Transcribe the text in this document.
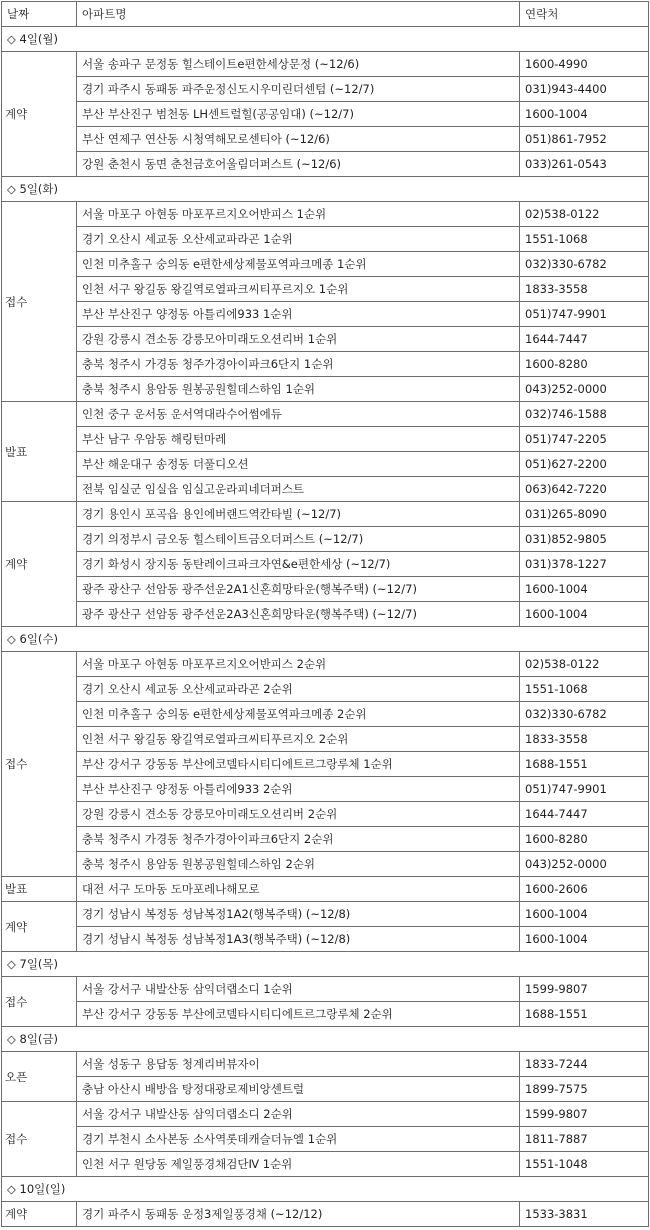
날짜	아파트명	연락처
◇ 4일(월)		
계약	서울 송파구 문정동 힐스테이트e편한세상문정 (~12/6)	1600-4990
	경기 파주시 동패동 파주운정신도시우미린더센텀 (~12/7)	031)943-4400
	부산 부산진구 범천동 LH센트럴힐(공공임대) (~12/7)	1600-1004
	부산 연제구 연산동 시청역해모로센티아 (~12/6)	051)861-7952
	강원 춘천시 동면 춘천금호어울림더퍼스트 (~12/6)	033)261-0543
◇ 5일(화)		
접수	서울 마포구 아현동 마포푸르지오어반피스 1순위	02)538-0122
	경기 오산시 세교동 오산세교파라곤 1순위	1551-1068
	인천 미추홀구 숭의동 e편한세상제물포역파크메종 1순위	032)330-6782
	인천 서구 왕길동 왕길역로열파크씨티푸르지오 1순위	1833-3558
	부산 부산진구 양정동 아틀리에933 1순위	051)747-9901
	강원 강릉시 견소동 강릉모아미래도오션리버 1순위	1644-7447
	충북 청주시 가경동 청주가경아이파크6단지 1순위	1600-8280
	충북 청주시 용암동 원봉공원힐데스하임 1순위	043)252-0000
발표	인천 중구 운서동 운서역대라수어썸에듀	032)746-1588
	부산 남구 우암동 해링턴마레	051)747-2205
	부산 해운대구 송정동 더풀디오션	051)627-2200
	전북 임실군 임실읍 임실고운라피네더퍼스트	063)642-7220
계약	경기 용인시 포곡읍 용인에버랜드역칸타빌 (~12/7)	031)265-8090
	경기 의정부시 금오동 힐스테이트금오더퍼스트 (~12/7)	031)852-9805
	경기 화성시 장지동 동탄레이크파크자연&e편한세상 (~12/7)	031)378-1227
	광주 광산구 선암동 광주선운2A1신혼희망타운(행복주택) (~12/7)	1600-1004
	광주 광산구 선암동 광주선운2A3신혼희망타운(행복주택) (~12/7)	1600-1004
◇ 6일(수)		
접수	서울 마포구 아현동 마포푸르지오어반피스 2순위	02)538-0122
	경기 오산시 세교동 오산세교파라곤 2순위	1551-1068
	인천 미추홀구 숭의동 e편한세상제물포역파크메종 2순위	032)330-6782
	인천 서구 왕길동 왕길역로열파크씨티푸르지오 2순위	1833-3558
	부산 강서구 강동동 부산에코델타시티디에트르그랑루체 1순위	1688-1551
	부산 부산진구 양정동 아틀리에933 2순위	051)747-9901
	강원 강릉시 견소동 강릉모아미래도오션리버 2순위	1644-7447
	충북 청주시 가경동 청주가경아이파크6단지 2순위	1600-8280
	충북 청주시 용암동 원봉공원힐데스하임 2순위	043)252-0000
발표	대전 서구 도마동 도마포레나해모로	1600-2606
계약	경기 성남시 복정동 성남복정1A2(행복주택) (~12/8)	1600-1004
	경기 성남시 복정동 성남복정1A3(행복주택) (~12/8)	1600-1004
◇ 7일(목)		
접수	서울 강서구 내발산동 삼익더랩소디 1순위	1599-9807
	부산 강서구 강동동 부산에코델타시티디에트르그랑루체 2순위	1688-1551
◇ 8일(금)		
오픈	서울 성동구 용답동 청계리버뷰자이	1833-7244
	충남 아산시 배방읍 탕정대광로제비앙센트럴	1899-7575
접수	서울 강서구 내발산동 삼익더랩소디 2순위	1599-9807
	경기 부천시 소사본동 소사역롯데캐슬더뉴엘 1순위	1811-7887
	인천 서구 원당동 제일풍경채검단Ⅳ 1순위	1551-1048
◇ 10일(일)		
계약	경기 파주시 동패동 운정3제일풍경채 (~12/12)	1533-3831
